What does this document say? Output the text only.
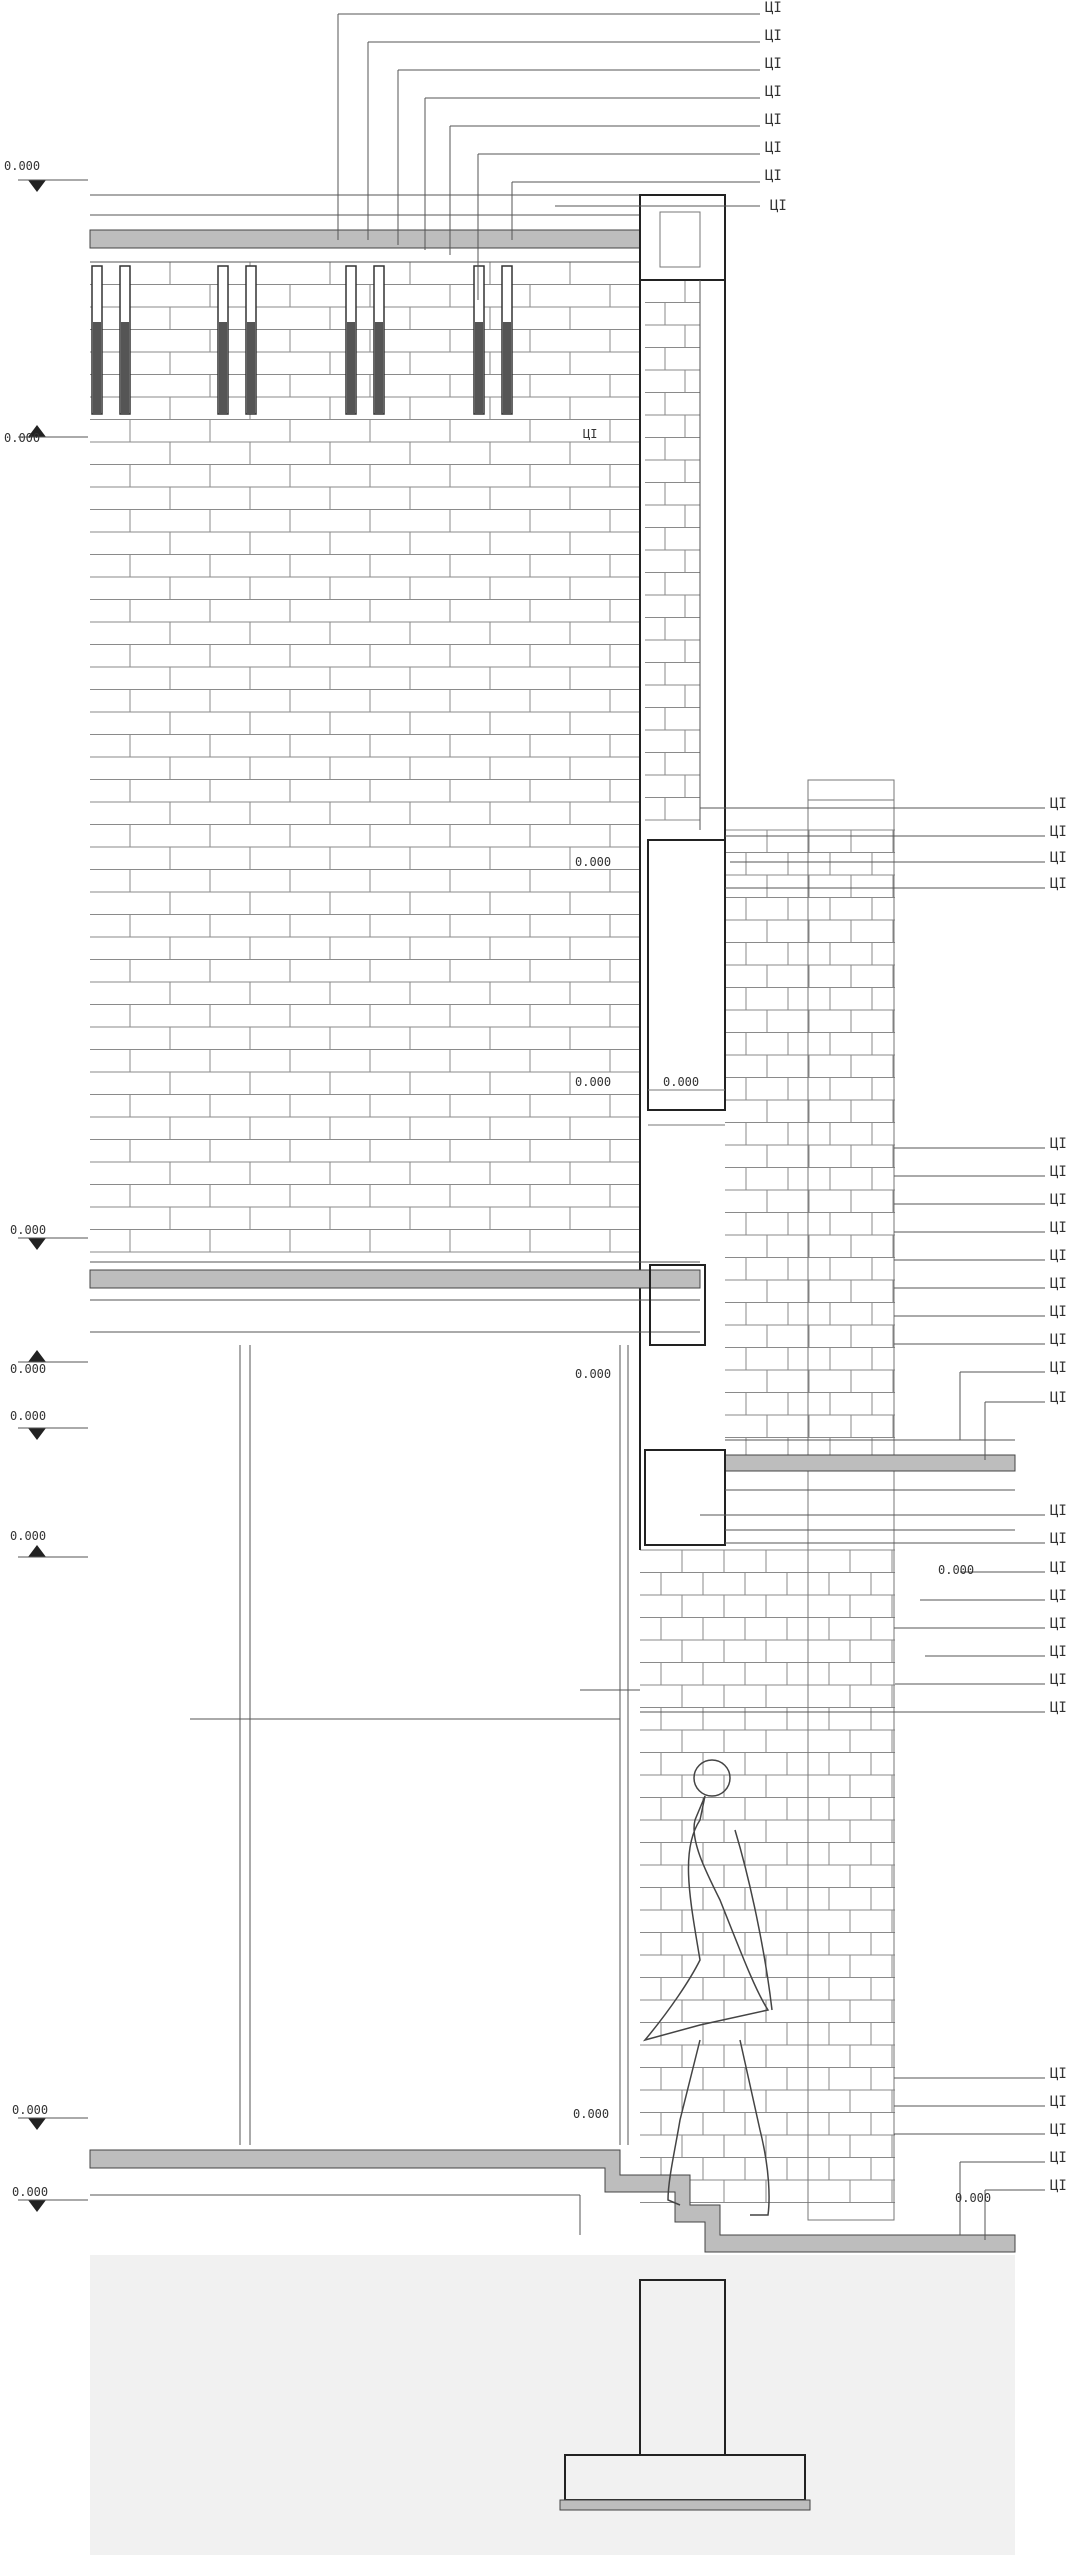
ЦІ
ЦІ
ЦІ
ЦІ
ЦІ
ЦІ
ЦІ
ЦІ
ЦІ
ЦІ
ЦІ
ЦІ
ЦІ
ЦІ
ЦІ
ЦІ
ЦІ
ЦІ
ЦІ
ЦІ
ЦІ
ЦІ
ЦІ
ЦІ
ЦІ
ЦІ
ЦІ
ЦІ
ЦІ
ЦІ
ЦІ
ЦІ
ЦІ
ЦІ
ЦІ
0.000
0.000
0.000
0.000
0.000
0.000
0.000
0.000
ЦІ
0.000
0.000	0.000
0.000
0.000
0.000
0.000
